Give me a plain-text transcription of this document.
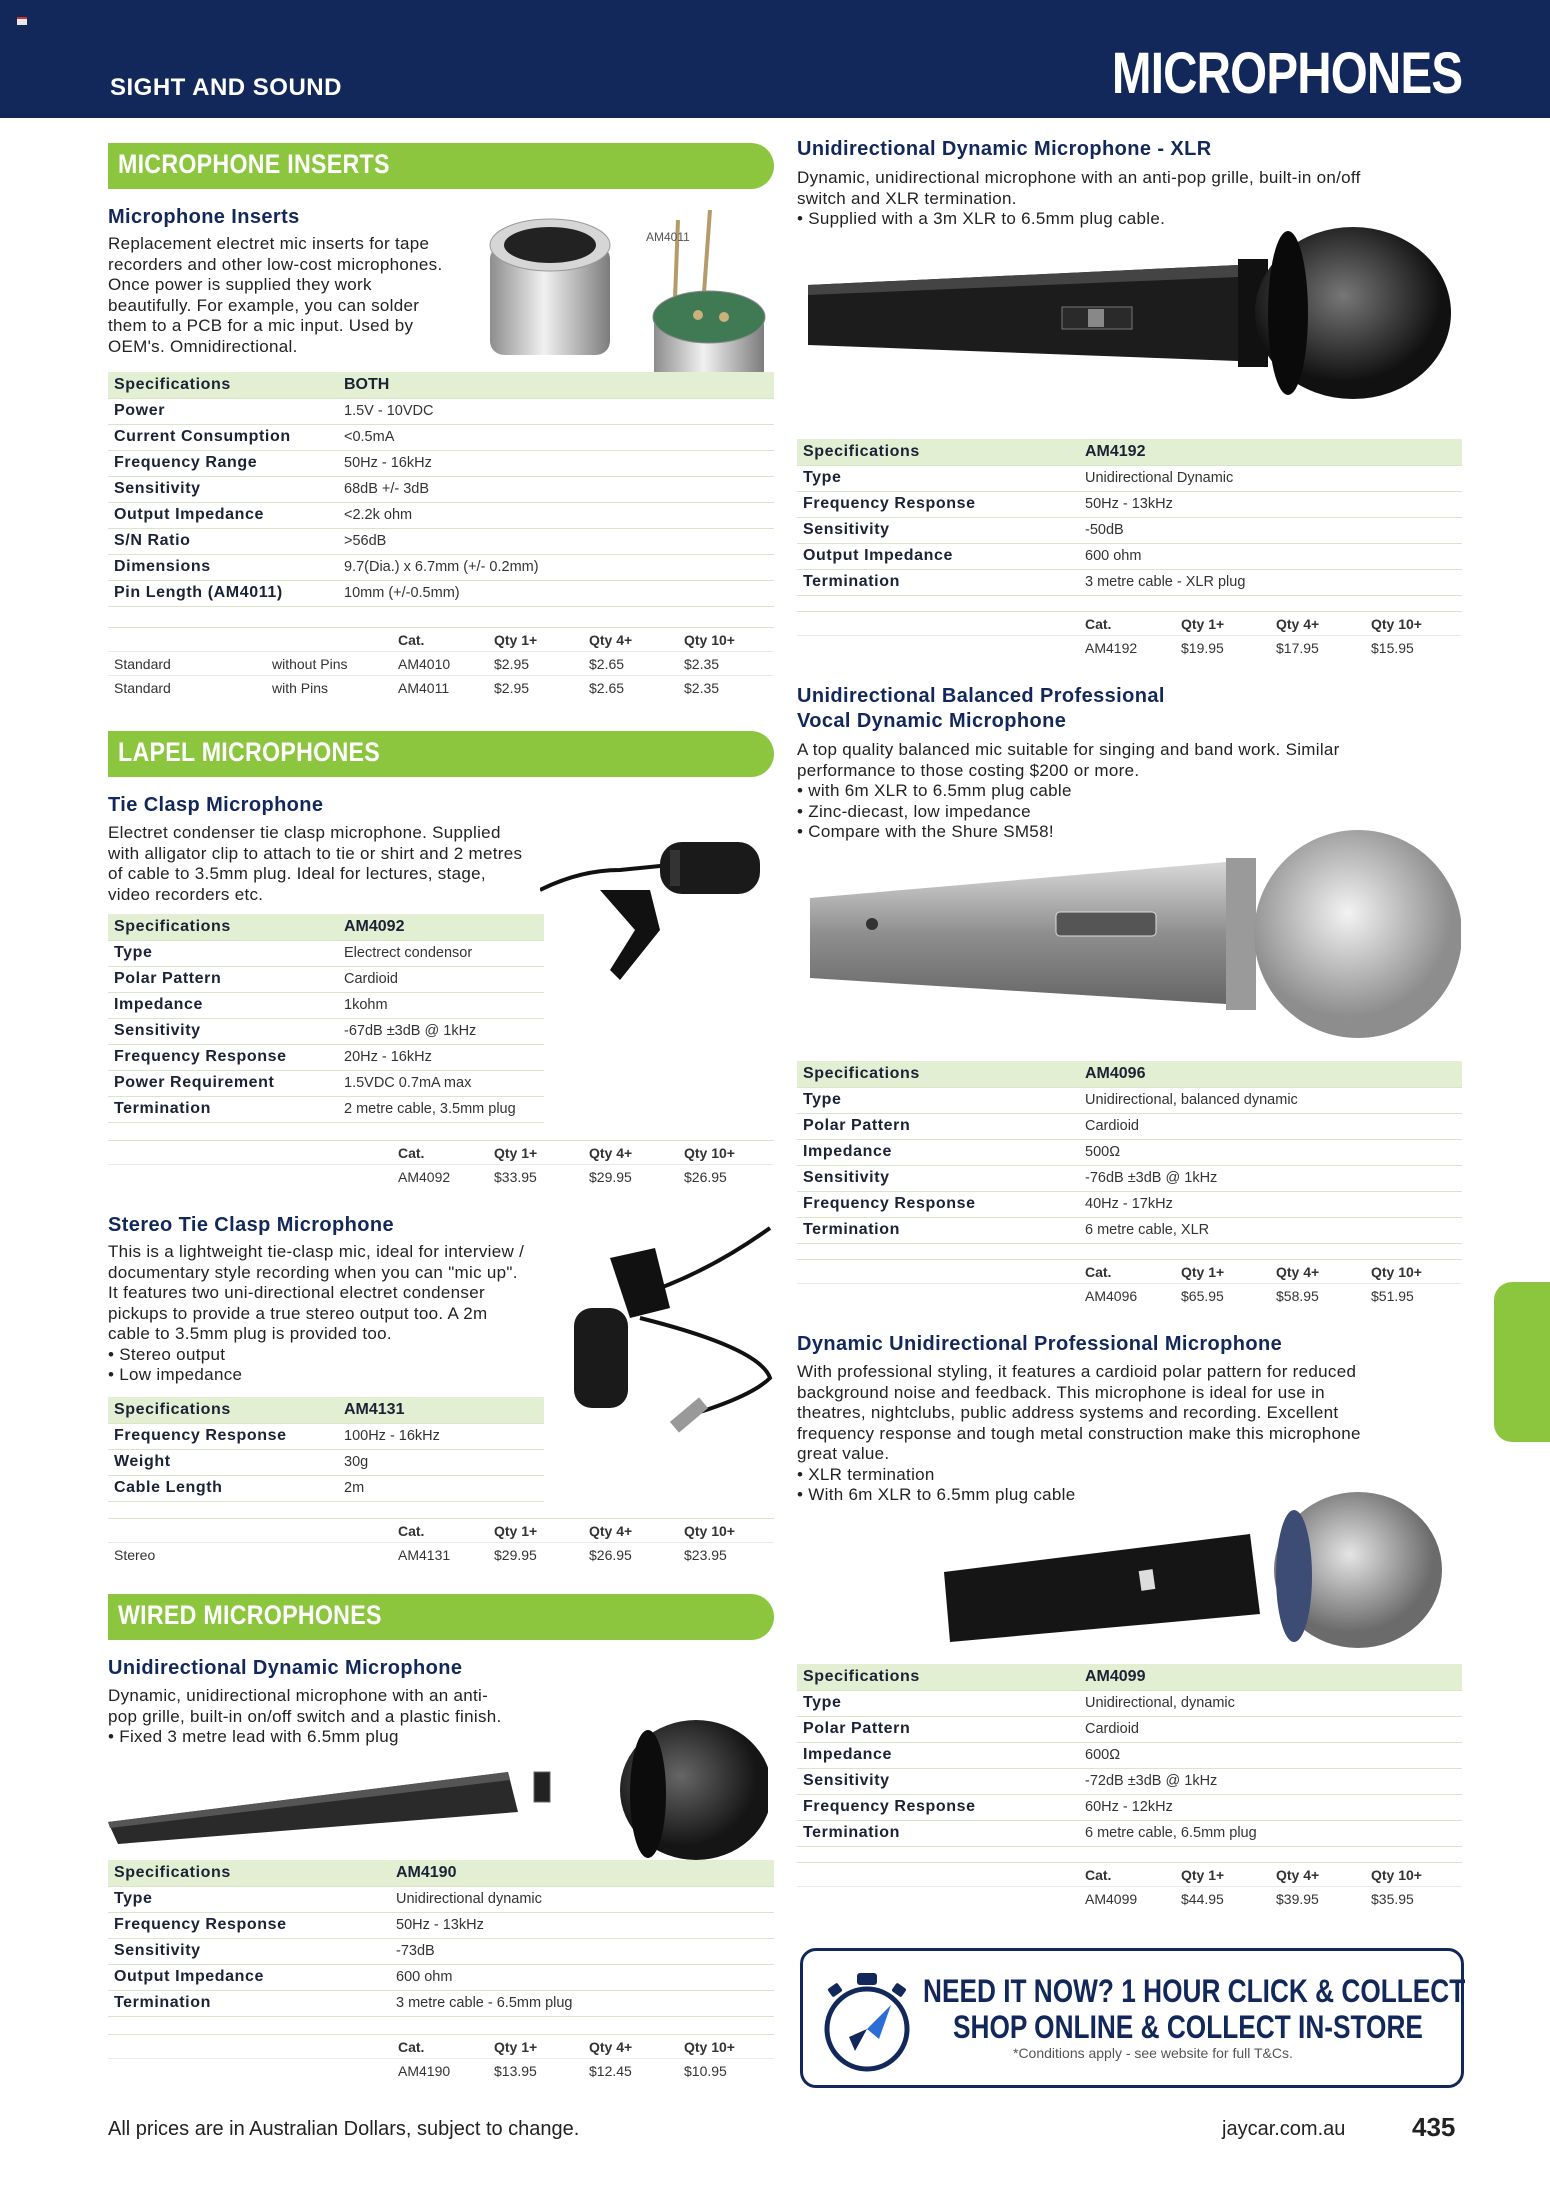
SIGHT AND SOUND	MICROPHONES
MICROPHONE INSERTS
Microphone Inserts
Replacement electret mic inserts for tape
recorders and other low-cost microphones.
Once power is supplied they work
beautifully. For example, you can solder
them to a PCB for a mic input. Used by
OEM's. Omnidirectional.
AM4011
Specifications	BOTH
Power	1.5V - 10VDC
Current Consumption	<0.5mA
Frequency Range	50Hz - 16kHz
Sensitivity	68dB +/- 3dB
Output Impedance	<2.2k ohm
S/N Ratio	>56dB
Dimensions	9.7(Dia.) x 6.7mm (+/- 0.2mm)
Pin Length (AM4011)	10mm (+/-0.5mm)
		Cat.	Qty 1+	Qty 4+	Qty 10+
Standard	without Pins	AM4010	$2.95	$2.65	$2.35
Standard	with Pins	AM4011	$2.95	$2.65	$2.35
LAPEL MICROPHONES
Tie Clasp Microphone
Electret condenser tie clasp microphone. Supplied
with alligator clip to attach to tie or shirt and 2 metres
of cable to 3.5mm plug. Ideal for lectures, stage,
video recorders etc.
Specifications	AM4092
Type	Electrect condensor
Polar Pattern	Cardioid
Impedance	1kohm
Sensitivity	-67dB ±3dB @ 1kHz
Frequency Response	20Hz - 16kHz
Power Requirement	1.5VDC 0.7mA max
Termination	2 metre cable, 3.5mm plug
	Cat.	Qty 1+	Qty 4+	Qty 10+
	AM4092	$33.95	$29.95	$26.95
Stereo Tie Clasp Microphone
This is a lightweight tie-clasp mic, ideal for interview /
documentary style recording when you can "mic up".
It features two uni-directional electret condenser
pickups to provide a true stereo output too. A 2m
cable to 3.5mm plug is provided too.
• Stereo output
• Low impedance
Specifications	AM4131
Frequency Response	100Hz - 16kHz
Weight	30g
Cable Length	2m
	Cat.	Qty 1+	Qty 4+	Qty 10+
Stereo	AM4131	$29.95	$26.95	$23.95
WIRED MICROPHONES
Unidirectional Dynamic Microphone
Dynamic, unidirectional microphone with an anti-
pop grille, built-in on/off switch and a plastic finish.
• Fixed 3 metre lead with 6.5mm plug
Specifications	AM4190
Type	Unidirectional dynamic
Frequency Response	50Hz - 13kHz
Sensitivity	-73dB
Output Impedance	600 ohm
Termination	3 metre cable - 6.5mm plug
	Cat.	Qty 1+	Qty 4+	Qty 10+
	AM4190	$13.95	$12.45	$10.95
Unidirectional Dynamic Microphone - XLR
Dynamic, unidirectional microphone with an anti-pop grille, built-in on/off
switch and XLR termination.
• Supplied with a 3m XLR to 6.5mm plug cable.
Specifications	AM4192
Type	Unidirectional Dynamic
Frequency Response	50Hz - 13kHz
Sensitivity	-50dB
Output Impedance	600 ohm
Termination	3 metre cable - XLR plug
	Cat.	Qty 1+	Qty 4+	Qty 10+
	AM4192	$19.95	$17.95	$15.95
Unidirectional Balanced Professional
Vocal Dynamic Microphone
A top quality balanced mic suitable for singing and band work. Similar
performance to those costing $200 or more.
• with 6m XLR to 6.5mm plug cable
• Zinc-diecast, low impedance
• Compare with the Shure SM58!
Specifications	AM4096
Type	Unidirectional, balanced dynamic
Polar Pattern	Cardioid
Impedance	500Ω
Sensitivity	-76dB ±3dB @ 1kHz
Frequency Response	40Hz - 17kHz
Termination	6 metre cable, XLR
	Cat.	Qty 1+	Qty 4+	Qty 10+
	AM4096	$65.95	$58.95	$51.95
Dynamic Unidirectional Professional Microphone
With professional styling, it features a cardioid polar pattern for reduced
background noise and feedback. This microphone is ideal for use in
theatres, nightclubs, public address systems and recording. Excellent
frequency response and tough metal construction make this microphone
great value.
• XLR termination
• With 6m XLR to 6.5mm plug cable
Specifications	AM4099
Type	Unidirectional, dynamic
Polar Pattern	Cardioid
Impedance	600Ω
Sensitivity	-72dB ±3dB @ 1kHz
Frequency Response	60Hz - 12kHz
Termination	6 metre cable, 6.5mm plug
	Cat.	Qty 1+	Qty 4+	Qty 10+
	AM4099	$44.95	$39.95	$35.95
NEED IT NOW? 1 HOUR CLICK & COLLECT
SHOP ONLINE & COLLECT IN-STORE
*Conditions apply - see website for full T&Cs.
All prices are in Australian Dollars, subject to change.	jaycar.com.au	435
